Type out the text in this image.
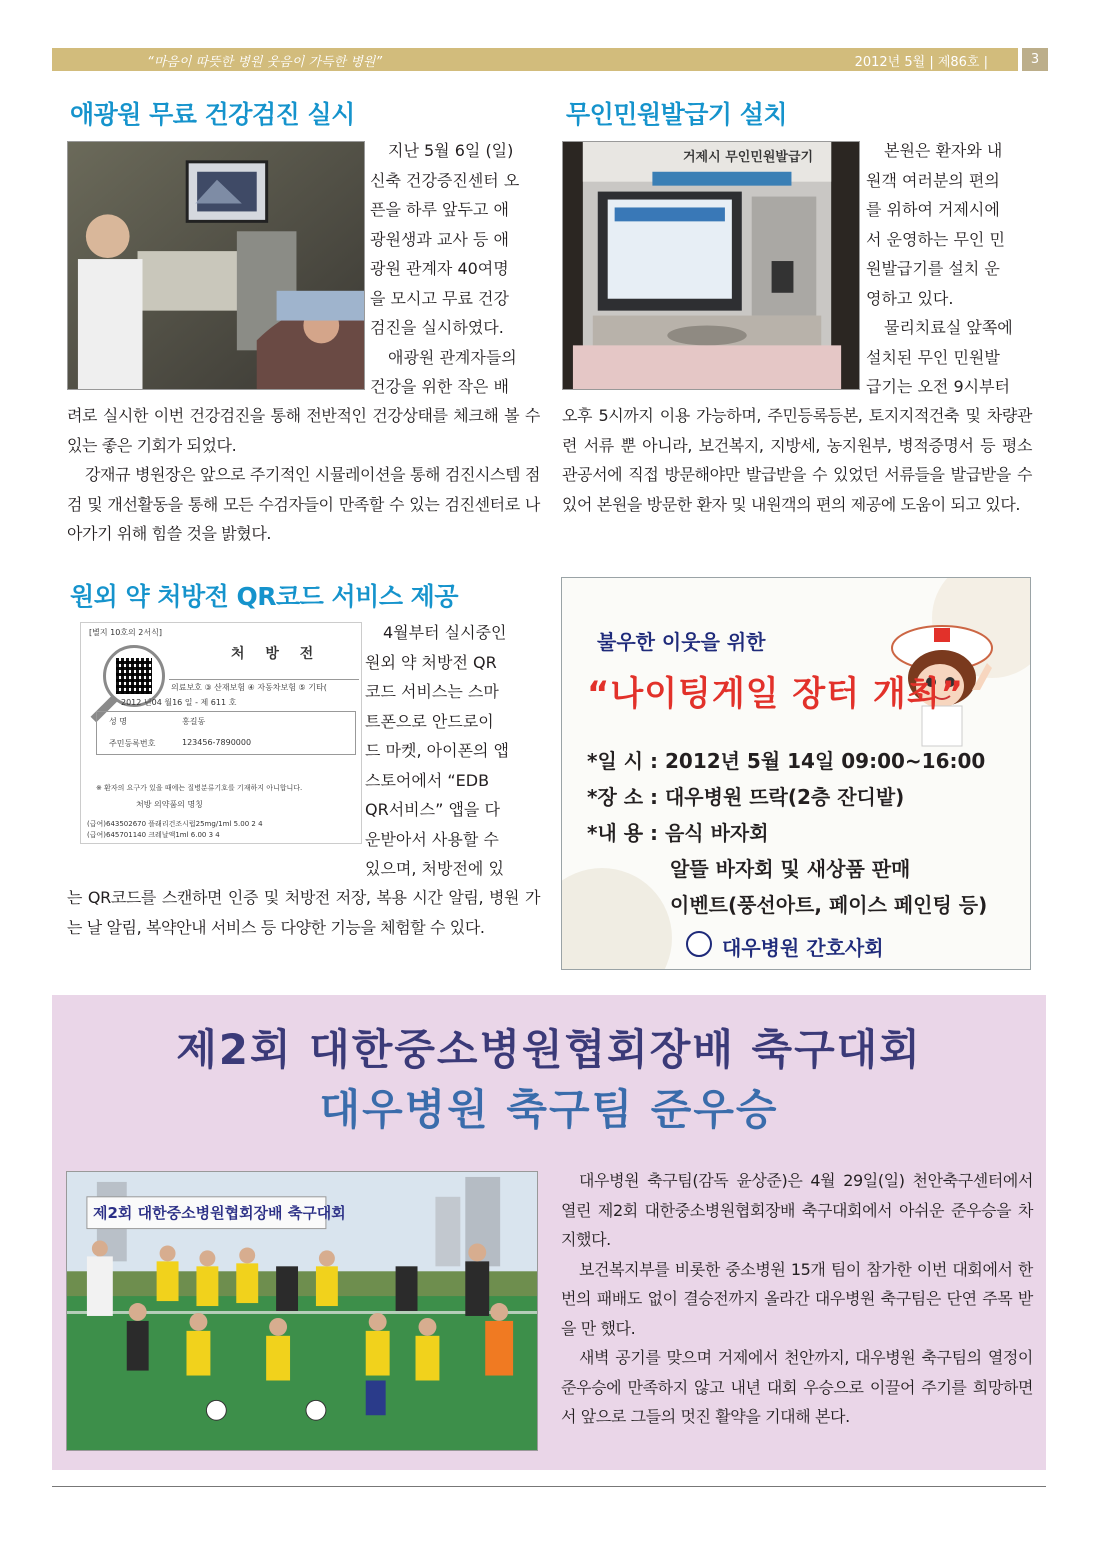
“마음이 따뜻한 병원 웃음이 가득한 병원”	2012년 5월 | 제86호 |	3
애광원 무료 건강검진 실시
지난 5월 6일 (일)
신축 건강증진센터 오
픈을 하루 앞두고 애
광원생과 교사 등 애
광원 관계자 40여명
을 모시고 무료 건강
검진을 실시하였다.
애광원 관계자들의
건강을 위한 작은 배
려로 실시한 이번 건강검진을 통해 전반적인 건강상태를 체크해 볼 수 있는 좋은 기회가 되었다.

강재규 병원장은 앞으로 주기적인 시뮬레이션을 통해 검진시스템 점검 및 개선활동을 통해 모든 수검자들이 만족할 수 있는 검진센터로 나아가기 위해 힘쓸 것을 밝혔다.

무인민원발급기 설치
거제시 무인민원발급기	본원은 환자와 내
원객 여러분의 편의
를 위하여 거제시에
서 운영하는 무인 민
원발급기를 설치 운
영하고 있다.
물리치료실 앞쪽에
설치된 무인 민원발
급기는 오전 9시부터
오후 5시까지 이용 가능하며, 주민등록등본, 토지지적건축 및 차량관련 서류 뿐 아니라, 보건복지, 지방세, 농지원부, 병적증명서 등 평소 관공서에 직접 방문해야만 발급받을 수 있었던 서류들을 발급받을 수 있어 본원을 방문한 환자 및 내원객의 편의 제공에 도움이 되고 있다.
원외 약 처방전 QR코드 서비스 제공
[별지 10호의 2서식]
처 방 전
의료보호 ③ 산재보험 ④ 자동차보험 ⑤ 기타(
2012 년04 월16 일 - 제 611 호
성 명	홍길동
주민등록번호	123456-7890000
※ 환자의 요구가 있을 때에는 질병분류기호를 기재하지 아니합니다.
처방 의약품의 명칭
(급여)643502670 플래리건조시럽25mg/1ml 5.00 2 4
(급여)645701140 크레날액1ml 6.00 3 4
4월부터 실시중인
원외 약 처방전 QR
코드 서비스는 스마
트폰으로 안드로이
드 마켓, 아이폰의 앱
스토어에서 “EDB
QR서비스” 앱을 다
운받아서 사용할 수
있으며, 처방전에 있
는 QR코드를 스캔하면 인증 및 처방전 저장, 복용 시간 알림, 병원 가는 날 알림, 복약안내 서비스 등 다양한 기능을 체험할 수 있다.
불우한 이웃을 위한
“나이팅게일 장터 개최”
*일 시 : 2012년 5월 14일 09:00~16:00
*장 소 : 대우병원 뜨락(2층 잔디밭)
*내 용 : 음식 바자회
알뜰 바자회 및 새상품 판매
이벤트(풍선아트, 페이스 페인팅 등)
대우병원 간호사회
제2회 대한중소병원협회장배 축구대회
대우병원 축구팀 준우승
제2회 대한중소병원협회장배 축구대회

대우병원 축구팀(감독 윤상준)은 4월 29일(일) 천안축구센터에서 열린 제2회 대한중소병원협회장배 축구대회에서 아쉬운 준우승을 차지했다.

보건복지부를 비롯한 중소병원 15개 팀이 참가한 이번 대회에서 한 번의 패배도 없이 결승전까지 올라간 대우병원 축구팀은 단연 주목 받을 만 했다.

새벽 공기를 맞으며 거제에서 천안까지, 대우병원 축구팀의 열정이 준우승에 만족하지 않고 내년 대회 우승으로 이끌어 주기를 희망하면서 앞으로 그들의 멋진 활약을 기대해 본다.
